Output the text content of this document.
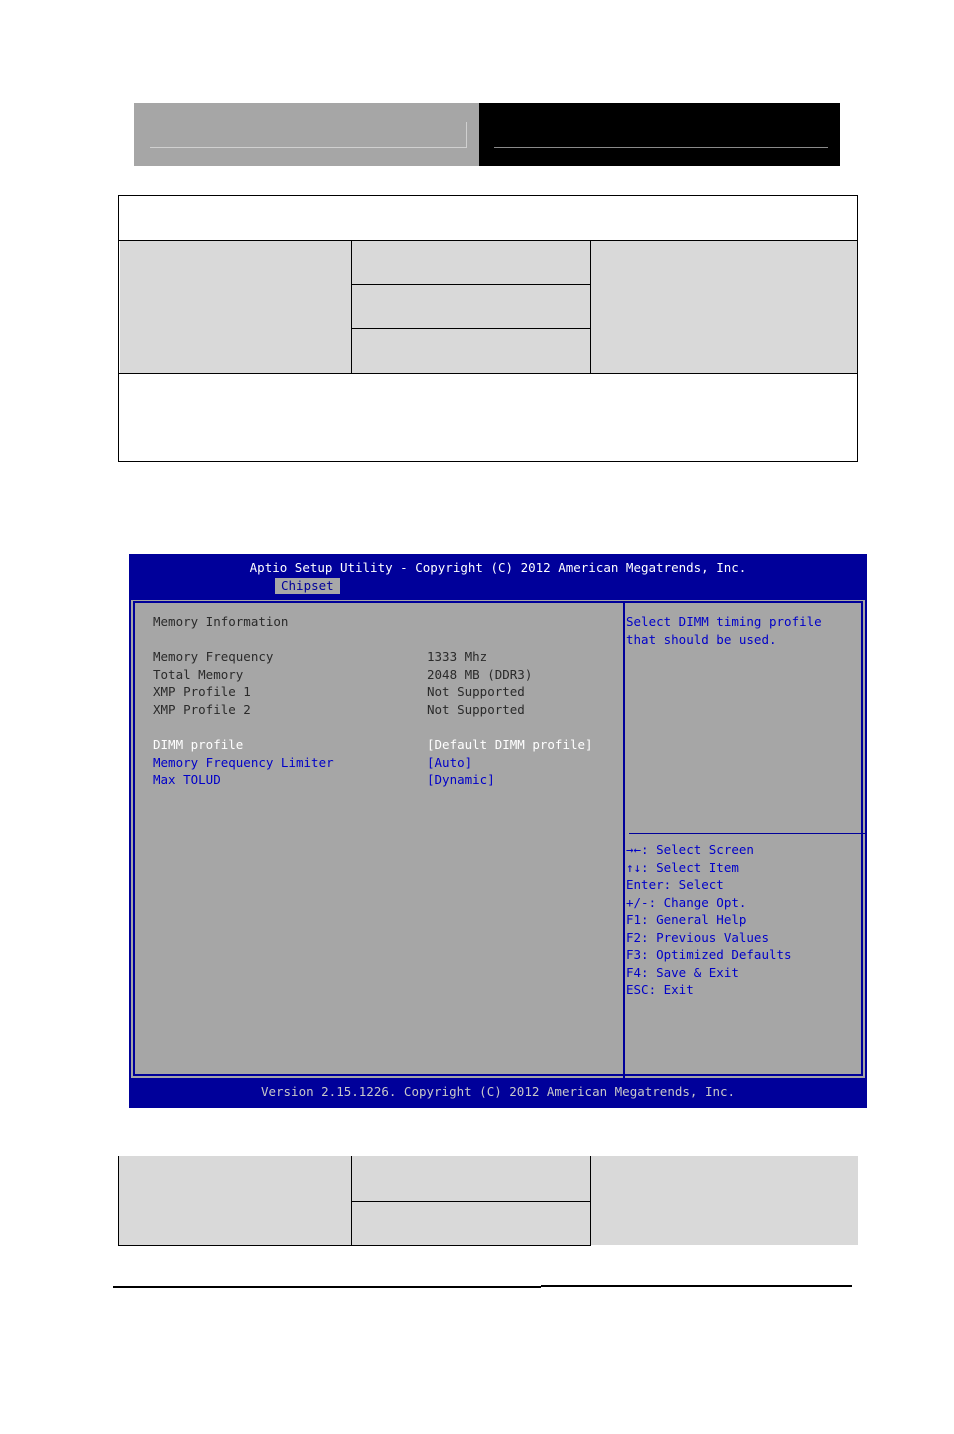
Aptio Setup Utility - Copyright (C) 2012 American Megatrends, Inc.
Chipset
Memory Information
Memory Frequency	1333 Mhz
Total Memory	2048 MB (DDR3)
XMP Profile 1	Not Supported
XMP Profile 2	Not Supported
DIMM profile	[Default DIMM profile]
Memory Frequency Limiter	[Auto]
Max TOLUD	[Dynamic]
Select DIMM timing profile
that should be used.
→←: Select Screen
↑↓: Select Item
Enter: Select
+/-: Change Opt.
F1: General Help
F2: Previous Values
F3: Optimized Defaults
F4: Save & Exit
ESC: Exit
Version 2.15.1226. Copyright (C) 2012 American Megatrends, Inc.
